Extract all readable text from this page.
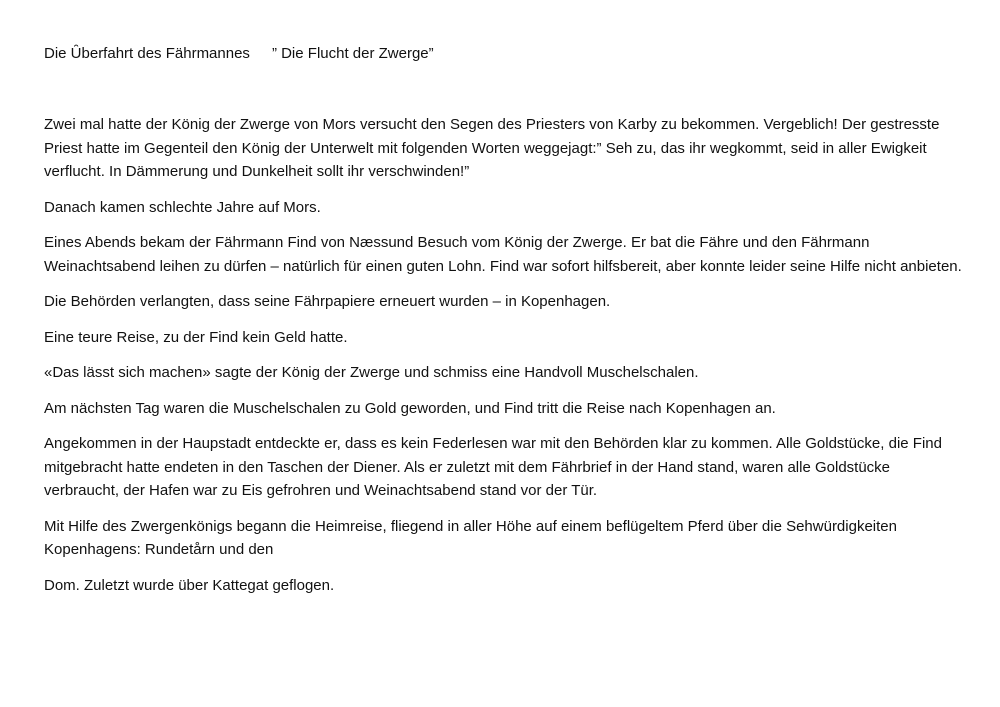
Die Ȗberfahrt des Fährmannes ” Die Flucht der Zwerge”

Zwei mal hatte der König der Zwerge von Mors versucht den Segen des Priesters von Karby zu bekommen. Vergeblich! Der gestresste Priest hatte im Gegenteil den König der Unterwelt mit folgenden Worten weggejagt:” Seh zu, das ihr wegkommt, seid in aller Ewigkeit verflucht. In Dämmerung und Dunkelheit sollt ihr verschwinden!”

Danach kamen schlechte Jahre auf Mors.

Eines Abends bekam der Fährmann Find von Næssund Besuch vom König der Zwerge. Er bat die Fähre und den Fährmann Weinachtsabend leihen zu dürfen – natürlich für einen guten Lohn. Find war sofort hilfsbereit, aber konnte leider seine Hilfe nicht anbieten.

Die Behörden verlangten, dass seine Fährpapiere erneuert wurden – in Kopenhagen.

Eine teure Reise, zu der Find kein Geld hatte.

«Das lässt sich machen» sagte der König der Zwerge und schmiss eine Handvoll Muschelschalen.

Am nächsten Tag waren die Muschelschalen zu Gold geworden, und Find tritt die Reise nach Kopenhagen an.

Angekommen in der Haupstadt entdeckte er, dass es kein Federlesen war mit den Behörden klar zu kommen. Alle Goldstücke, die Find mitgebracht hatte endeten in den Taschen der Diener. Als er zuletzt mit dem Fährbrief in der Hand stand, waren alle Goldstücke verbraucht, der Hafen war zu Eis gefrohren und Weinachtsabend stand vor der Tür.

Mit Hilfe des Zwergenkönigs begann die Heimreise, fliegend in aller Höhe auf einem beflügeltem Pferd über die Sehwürdigkeiten Kopenhagens: Rundetårn und den

Dom. Zuletzt wurde über Kattegat geflogen.
